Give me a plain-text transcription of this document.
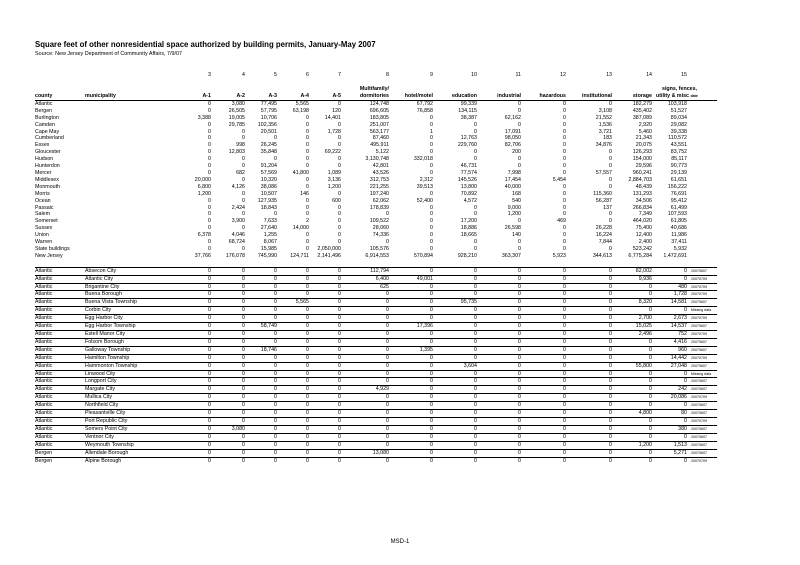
Square feet of other nonresidential space authorized by building permits, January-May 2007
Source: New Jersey Department of Community Affairs, 7/9/07
		3	4	5	6	7	8	9	10	11	12	13	14	15	
							Multifamily/							signs, fences,	
county	municipality	A-1	A-2	A-3	A-4	A-5	dormitories	hotel/motel	education	industrial	hazardous	institutional	storage	utility & misc date	
Atlantic		0	3,080	77,495	5,565	0	124,748	67,792	99,339	0	0	0	182,279	103,918	
Bergen		0	26,505	57,795	63,198	120	696,605	76,858	134,115	0	0	3,108	435,402	51,527	
Burlington		3,388	19,005	10,706	0	14,401	183,805	0	38,387	62,162	0	21,552	387,089	89,034	
Camden		0	29,785	102,356	0	0	251,007	0	0	0	0	1,536	2,920	29,082	
Cape May		0	0	20,501	0	1,728	563,177	1	0	17,091	0	3,721	5,460	39,338	
Cumberland		0	0	0	0	0	87,460	0	12,763	98,050	0	183	21,343	110,572	
Essex		0	998	26,245	0	0	495,911	0	229,760	82,706	0	34,876	20,075	43,551	
Gloucester		0	12,803	35,848	0	69,222	5,122	0	0	200	0	0	126,293	83,752	
Hudson		0	0	0	0	0	3,130,748	332,018	0	0	0	0	154,000	85,117	
Hunterdon		0	0	91,204	0	0	42,801	0	46,731	0	0	0	29,596	90,773	
Mercer		0	682	57,569	41,800	1,089	43,526	0	77,574	7,998	0	57,557	960,241	29,139	
Middlesex		20,000	0	10,320	0	3,136	312,753	2,312	145,526	17,454	5,454	0	2,884,703	61,651	
Monmouth		6,800	4,126	38,086	0	1,200	221,255	39,513	13,800	40,000	0	0	48,439	156,222	
Morris		1,200	0	10,507	146	0	197,240	0	70,892	168	0	115,360	131,293	76,691	
Ocean		0	0	127,935	0	600	62,062	52,400	4,572	540	0	56,287	34,506	95,412	
Passaic		0	2,424	18,843	0	0	178,839	0	0	9,000	0	137	266,834	61,499	
Salem		0	0	0	0	0	0	0	0	1,200	0	0	7,349	107,593	
Somerset		0	3,900	7,633	2	0	109,522	0	17,200	0	469	0	464,020	61,805	
Sussex		0	0	27,640	14,000	0	28,060	0	18,886	26,598	0	26,228	75,400	40,686	
Union		6,378	4,046	1,255	0	0	74,336	0	18,665	140	0	16,224	12,400	11,986	
Warren		0	68,724	8,067	0	0	0	0	0	0	0	7,844	2,400	37,411	
State buildings		0	0	15,985	0	2,050,000	105,576	0	0	0	0	0	523,242	5,932	
New Jersey		37,766	176,078	745,990	124,711	2,141,496	6,914,553	570,894	928,210	363,307	5,923	344,613	6,775,284	1,472,691	

Atlantic	Absecon City	0	0	0	0	0	112,794	0	0	0	0	0	82,002	0	20070607
Atlantic	Atlantic City	0	0	0	0	0	6,400	49,001	0	0	0	0	9,936	0	20070709
Atlantic	Brigantine City	0	0	0	0	0	625	0	0	0	0	0	0	480	20070709
Atlantic	Buena Borough	0	0	0	0	0	0	0	0	0	0	0	0	1,728	20070709
Atlantic	Buena Vista Township	0	0	0	5,565	0	0	0	95,735	0	0	0	8,320	14,581	20070607
Atlantic	Corbin City	0	0	0	0	0	0	0	0	0	0	0	0	0	Missing data
Atlantic	Egg Harbor City	0	0	0	0	0	0	0	0	0	0	0	2,700	2,673	20070709
Atlantic	Egg Harbor Township	0	0	58,749	0	0	0	17,396	0	0	0	0	15,025	14,537	20070607
Atlantic	Estell Manor City	0	0	0	0	0	0	0	0	0	0	0	2,496	752	20070709
Atlantic	Folsom Borough	0	0	0	0	0	0	0	0	0	0	0	0	4,416	20070607
Atlantic	Galloway Township	0	0	18,746	0	0	0	1,395	0	0	0	0	0	960	20070607
Atlantic	Hamilton Township	0	0	0	0	0	0	0	0	0	0	0	0	14,442	20070709
Atlantic	Hammonton Township	0	0	0	0	0	0	0	3,604	0	0	0	55,800	27,048	20070607
Atlantic	Linwood City	0	0	0	0	0	0	0	0	0	0	0	0	0	Missing data
Atlantic	Longport City	0	0	0	0	0	0	0	0	0	0	0	0	0	20070607
Atlantic	Margate City	0	0	0	0	0	4,929	0	0	0	0	0	0	242	20070607
Atlantic	Mullica City	0	0	0	0	0	0	0	0	0	0	0	0	20,086	20070709
Atlantic	Northfield City	0	0	0	0	0	0	0	0	0	0	0	0	0	20070607
Atlantic	Pleasantville City	0	0	0	0	0	0	0	0	0	0	0	4,800	80	20070607
Atlantic	Port Republic City	0	0	0	0	0	0	0	0	0	0	0	0	0	20070709
Atlantic	Somers Point City	0	3,080	0	0	0	0	0	0	0	0	0	0	380	20070607
Atlantic	Ventnor City	0	0	0	0	0	0	0	0	0	0	0	0	0	20070607
Atlantic	Weymouth Township	0	0	0	0	0	0	0	0	0	0	0	1,200	1,513	20070607
Bergen	Allendale Borough	0	0	0	0	0	13,080	0	0	0	0	0	0	5,271	20070607
Bergen	Alpine Borough	0	0	0	0	0	0	0	0	0	0	0	0	0	20070709
MSD-1
